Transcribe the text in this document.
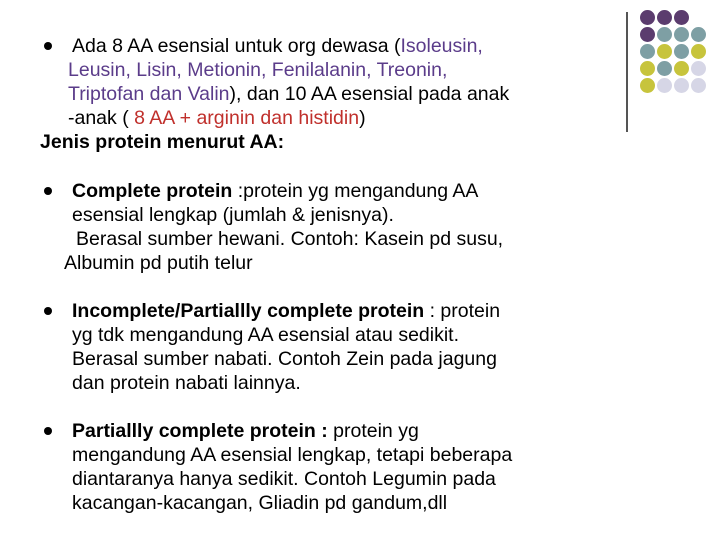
Ada 8 AA esensial untuk org dewasa (Isoleusin,
Leusin, Lisin, Metionin, Fenilalanin, Treonin,
Triptofan dan Valin), dan 10 AA esensial pada anak
-anak ( 8 AA + arginin dan histidin)
Jenis protein menurut AA:
Complete protein :protein yg mengandung AA
esensial lengkap (jumlah & jenisnya).
Berasal sumber hewani. Contoh: Kasein pd susu,
Albumin pd putih telur
Incomplete/Partiallly complete protein : protein
yg tdk mengandung AA esensial atau sedikit.
Berasal sumber nabati. Contoh Zein pada jagung
dan protein nabati lainnya.
Partiallly complete protein : protein yg
mengandung AA esensial lengkap, tetapi beberapa
diantaranya hanya sedikit. Contoh Legumin pada
kacangan-kacangan, Gliadin pd gandum,dll
